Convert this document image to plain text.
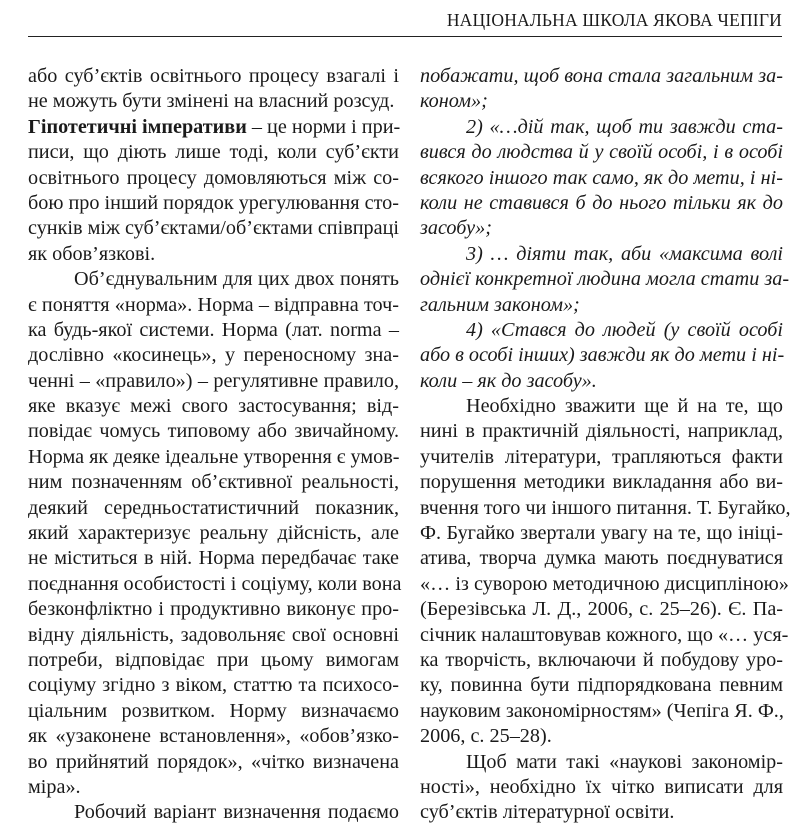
НАЦІОНАЛЬНА ШКОЛА ЯКОВА ЧЕПІГИ
або суб’єктів освітнього процесу взагалі і
не можуть бути змінені на власний розсуд.
Гіпотетичні імперативи – це норми і при-
писи, що діють лише тоді, коли суб’єкти
освітнього процесу домовляються між со-
бою про інший порядок урегулювання сто-
сунків між суб’єктами/об’єктами співпраці
як обов’язкові.
Об’єднувальним для цих двох понять
є поняття «норма». Норма – відправна точ-
ка будь-якої системи. Норма (лат. norma –
дослівно «косинець», у переносному зна-
ченні – «правило») – регулятивне правило,
яке вказує межі свого застосування; від-
повідає чомусь типовому або звичайному.
Норма як деяке ідеальне утворення є умов-
ним позначенням об’єктивної реальності,
деякий середньостатистичний показник,
який характеризує реальну дійсність, але
не міститься в ній. Норма передбачає таке
поєднання особистості і соціуму, коли вона
безконфліктно і продуктивно виконує про-
відну діяльність, задовольняє свої основні
потреби, відповідає при цьому вимогам
соціуму згідно з віком, статтю та психосо-
ціальним розвитком. Норму визначаємо
як «узаконене встановлення», «обов’язко-
во прийнятий порядок», «чітко визначена
міра».
Робочий варіант визначення подаємо
побажати, щоб вона стала загальним за-
коном»;
2) «…дій так, щоб ти завжди ста-
вився до людства й у своїй особі, і в особі
всякого іншого так само, як до мети, і ні-
коли не ставився б до нього тільки як до
засобу»;
3) … діяти так, аби «максима волі
однієї конкретної людина могла стати за-
гальним законом»;
4) «Стався до людей (у своїй особі
або в особі інших) завжди як до мети і ні-
коли – як до засобу».
Необхідно зважити ще й на те, що
нині в практичній діяльності, наприклад,
учителів літератури, трапляються факти
порушення методики викладання або ви-
вчення того чи іншого питання. Т. Бугайко,
Ф. Бугайко звертали увагу на те, що ініці-
атива, творча думка мають поєднуватися
«… із суворою методичною дисципліною»
(Березівська Л. Д., 2006, с. 25–26). Є. Па-
січник налаштовував кожного, що «… уся-
ка творчість, включаючи й побудову уро-
ку, повинна бути підпорядкована певним
науковим закономірностям» (Чепіга Я. Ф.,
2006, с. 25–28).
Щоб мати такі «наукові закономір-
ності», необхідно їх чітко виписати для
суб’єктів літературної освіти.
